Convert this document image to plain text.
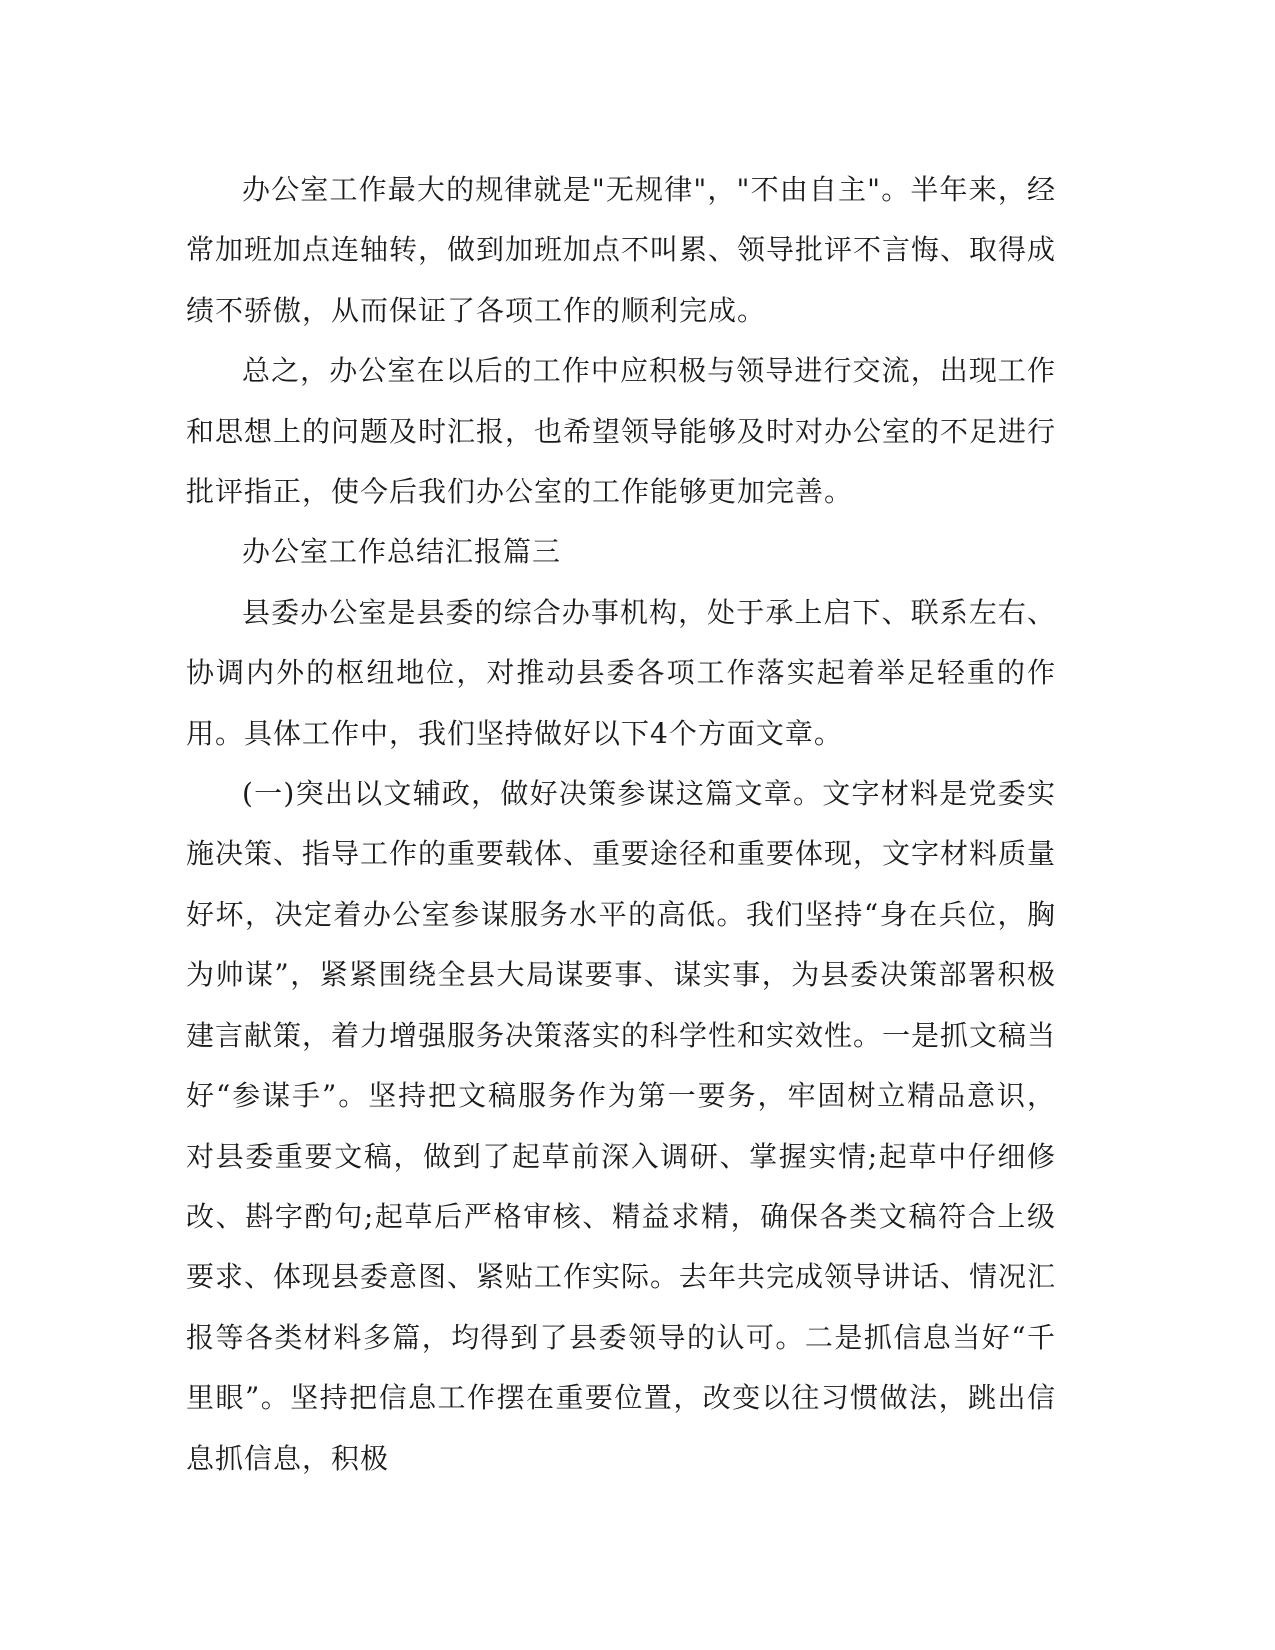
办公室工作最大的规律就是"无规律"，"不由自主"。半年来，经常加班加点连轴转，做到加班加点不叫累、领导批评不言悔、取得成绩不骄傲，从而保证了各项工作的顺利完成。

总之，办公室在以后的工作中应积极与领导进行交流，出现工作和思想上的问题及时汇报，也希望领导能够及时对办公室的不足进行批评指正，使今后我们办公室的工作能够更加完善。

办公室工作总结汇报篇三

县委办公室是县委的综合办事机构，处于承上启下、联系左右、协调内外的枢纽地位，对推动县委各项工作落实起着举足轻重的作用。具体工作中，我们坚持做好以下4个方面文章。

(一)突出以文辅政，做好决策参谋这篇文章。文字材料是党委实施决策、指导工作的重要载体、重要途径和重要体现，文字材料质量好坏，决定着办公室参谋服务水平的高低。我们坚持“身在兵位，胸为帅谋”，紧紧围绕全县大局谋要事、谋实事，为县委决策部署积极建言献策，着力增强服务决策落实的科学性和实效性。一是抓文稿当好“参谋手”。坚持把文稿服务作为第一要务，牢固树立精品意识，对县委重要文稿，做到了起草前深入调研、掌握实情;起草中仔细修改、斟字酌句;起草后严格审核、精益求精，确保各类文稿符合上级要求、体现县委意图、紧贴工作实际。去年共完成领导讲话、情况汇报等各类材料多篇，均得到了县委领导的认可。二是抓信息当好“千里眼”。坚持把信息工作摆在重要位置，改变以往习惯做法，跳出信息抓信息，积极
